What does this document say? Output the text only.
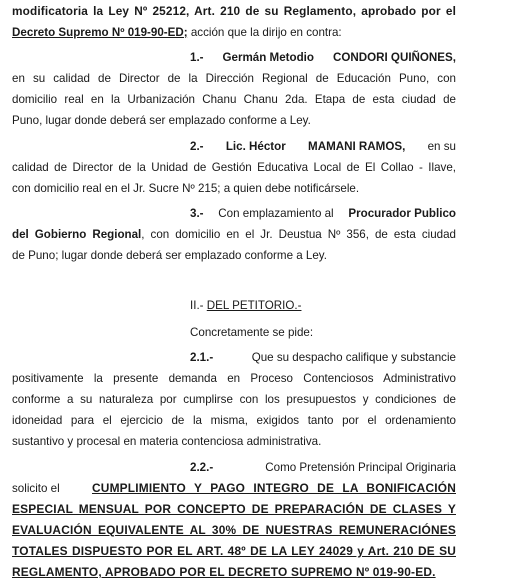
modificatoria la Ley Nº 25212, Art. 210 de su Reglamento, aprobado por el
Decreto Supremo Nº 019-90-ED; acción que la dirijo en contra:
1.- Germán Metodio CONDORI QUIÑONES,
en su calidad de Director de la Dirección Regional de Educación Puno, con
domicilio real en la Urbanización Chanu Chanu 2da. Etapa de esta ciudad de
Puno, lugar donde deberá ser emplazado conforme a Ley.
2.- Lic. Héctor MAMANI RAMOS, en su
calidad de Director de la Unidad de Gestión Educativa Local de El Collao - Ilave,
con domicilio real en el Jr. Sucre Nº 215; a quien debe notificársele.
3.- Con emplazamiento al Procurador Publico
del Gobierno Regional, con domicilio en el Jr. Deustua Nº 356, de esta ciudad
de Puno; lugar donde deberá ser emplazado conforme a Ley.
II.- DEL PETITORIO.-
Concretamente se pide:
2.1.-	Que su despacho califique y substancie
positivamente la presente demanda en Proceso Contenciosos Administrativo
conforme a su naturaleza por cumplirse con los presupuestos y condiciones de
idoneidad para el ejercicio de la misma, exigidos tanto por el ordenamiento
sustantivo y procesal en materia contenciosa administrativa.
2.2.-	Como Pretensión Principal Originaria
solicito el	CUMPLIMIENTO Y PAGO INTEGRO DE LA BONIFICACIÓN
ESPECIAL MENSUAL POR CONCEPTO DE PREPARACIÓN DE CLASES Y
EVALUACIÓN EQUIVALENTE AL 30% DE NUESTRAS REMUNERACIÓNES
TOTALES DISPUESTO POR EL ART. 48º DE LA LEY 24029 y Art. 210 DE SU
REGLAMENTO, APROBADO POR EL DECRETO SUPREMO Nº 019-90-ED.
